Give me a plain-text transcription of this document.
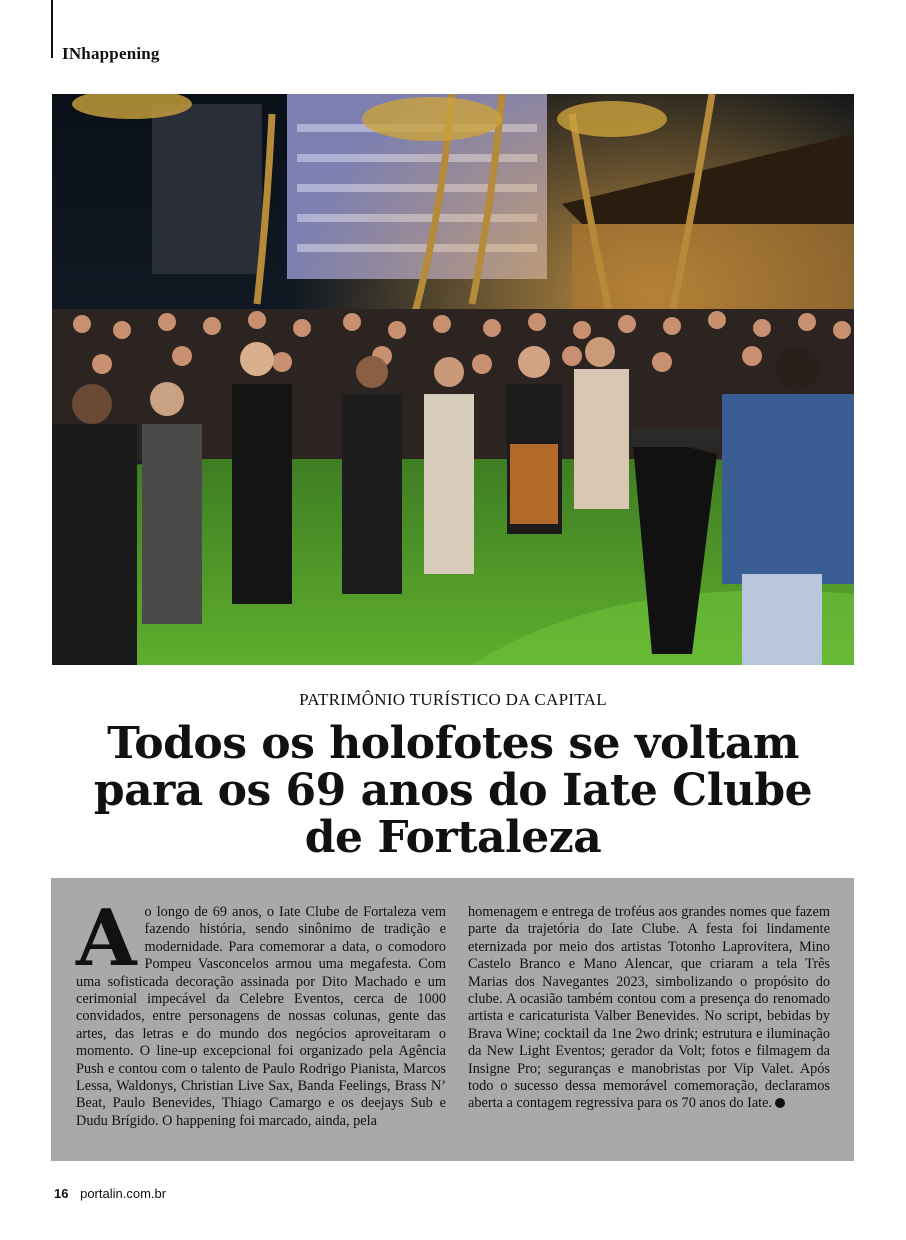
INhappening
PATRIMÔNIO TURÍSTICO DA CAPITAL
Todos os holofotes se voltam para os 69 anos do Iate Clube de Fortaleza
A o longo de 69 anos, o Iate Clube de Fortaleza vem fazendo história, sendo sinônimo de tradição e modernidade. Para comemorar a data, o comodoro Pompeu Vasconcelos armou uma megafesta. Com uma sofisticada decoração assinada por Dito Machado e um cerimonial impecável da Celebre Eventos, cerca de 1000 convidados, entre personagens de nossas colunas, gente das artes, das letras e do mundo dos negócios aproveitaram o momento. O line-up excepcional foi organizado pela Agência Push e contou com o talento de Paulo Rodrigo Pianista, Marcos Lessa, Waldonys, Christian Live Sax, Banda Feelings, Brass N’ Beat, Paulo Benevides, Thiago Camargo e os deejays Sub e Dudu Brígido. O happening foi marcado, ainda, pela
homenagem e entrega de troféus aos grandes nomes que fazem parte da trajetória do Iate Clube. A festa foi lindamente eternizada por meio dos artistas Totonho Laprovitera, Mino Castelo Branco e Mano Alencar, que criaram a tela Três Marias dos Navegantes 2023, simbolizando o propósito do clube. A ocasião também contou com a presença do renomado artista e caricaturista Valber Benevides. No script, bebidas by Brava Wine; cocktail da 1ne 2wo drink; estrutura e iluminação da New Light Eventos; gerador da Volt; fotos e filmagem da Insigne Pro; seguranças e manobristas por Vip Valet. Após todo o sucesso dessa memorável comemoração, declaramos aberta a contagem regressiva para os 70 anos do Iate.
16 portalin.com.br
